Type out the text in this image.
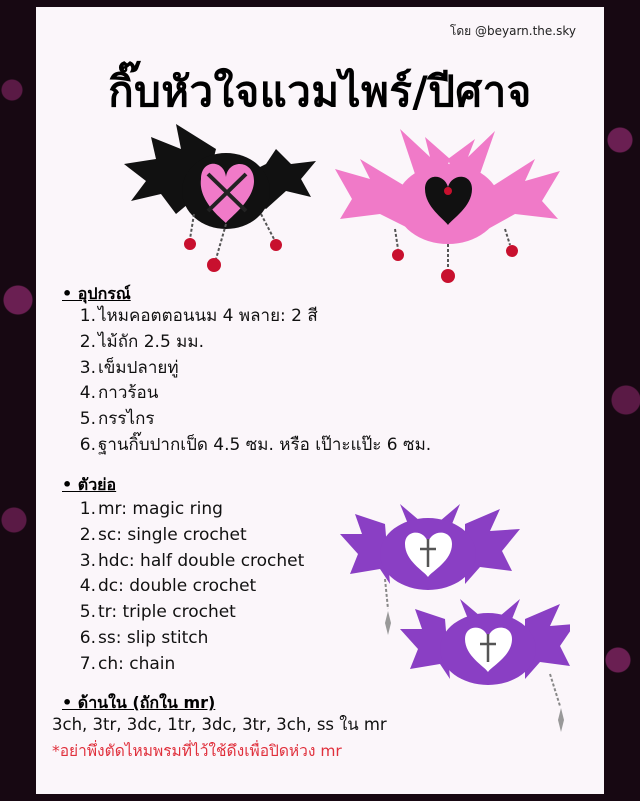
โดย @beyarn.the.sky
กิ๊บหัวใจแวมไพร์/ปีศาจ
• อุปกรณ์
1. ไหมคอตตอนนม 4 พลาย: 2 สี
2. ไม้ถัก 2.5 มม.
3. เข็มปลายทู่
4. กาวร้อน
5. กรรไกร
6. ฐานกิ๊บปากเป็ด 4.5 ซม. หรือ เป๊าะแป๊ะ 6 ซม.
• ตัวย่อ
1. mr: magic ring
2. sc: single crochet
3. hdc: half double crochet
4. dc: double crochet
5. tr: triple crochet
6. ss: slip stitch
7. ch: chain
• ด้านใน (ถักใน mr)
3ch, 3tr, 3dc, 1tr, 3dc, 3tr, 3ch, ss ใน mr
*อย่าพึ่งตัดไหมพรมที่ไว้ใช้ดึงเพื่อปิดห่วง mr
